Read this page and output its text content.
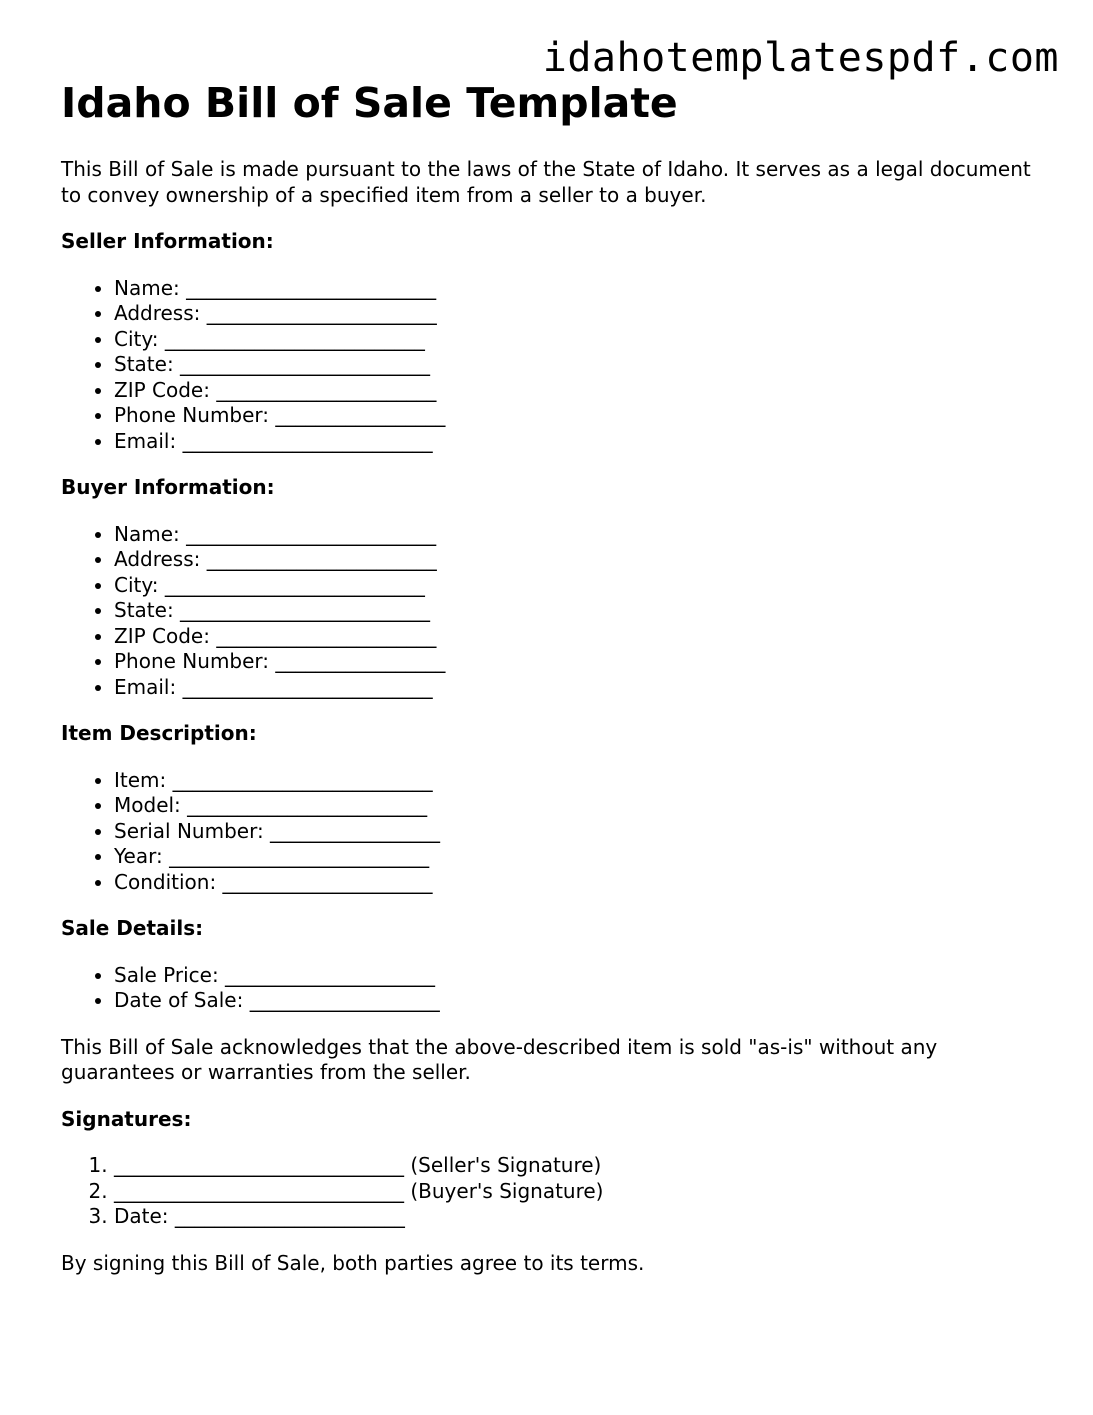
idahotemplatespdf.com
Idaho Bill of Sale Template

This Bill of Sale is made pursuant to the laws of the State of Idaho. It serves as a legal document to convey ownership of a specified item from a seller to a buyer.

Seller Information:
• Name: _________________________
• Address: _______________________
• City: __________________________
• State: _________________________
• ZIP Code: ______________________
• Phone Number: _________________
• Email: _________________________
Buyer Information:
• Name: _________________________
• Address: _______________________
• City: __________________________
• State: _________________________
• ZIP Code: ______________________
• Phone Number: _________________
• Email: _________________________
Item Description:
• Item: __________________________
• Model: ________________________
• Serial Number: _________________
• Year: __________________________
• Condition: _____________________
Sale Details:
• Sale Price: _____________________
• Date of Sale: ___________________

This Bill of Sale acknowledges that the above-described item is sold "as-is" without any guarantees or warranties from the seller.

Signatures:
1. _____________________________ (Seller's Signature)
2. _____________________________ (Buyer's Signature)
3. Date: _______________________

By signing this Bill of Sale, both parties agree to its terms.
